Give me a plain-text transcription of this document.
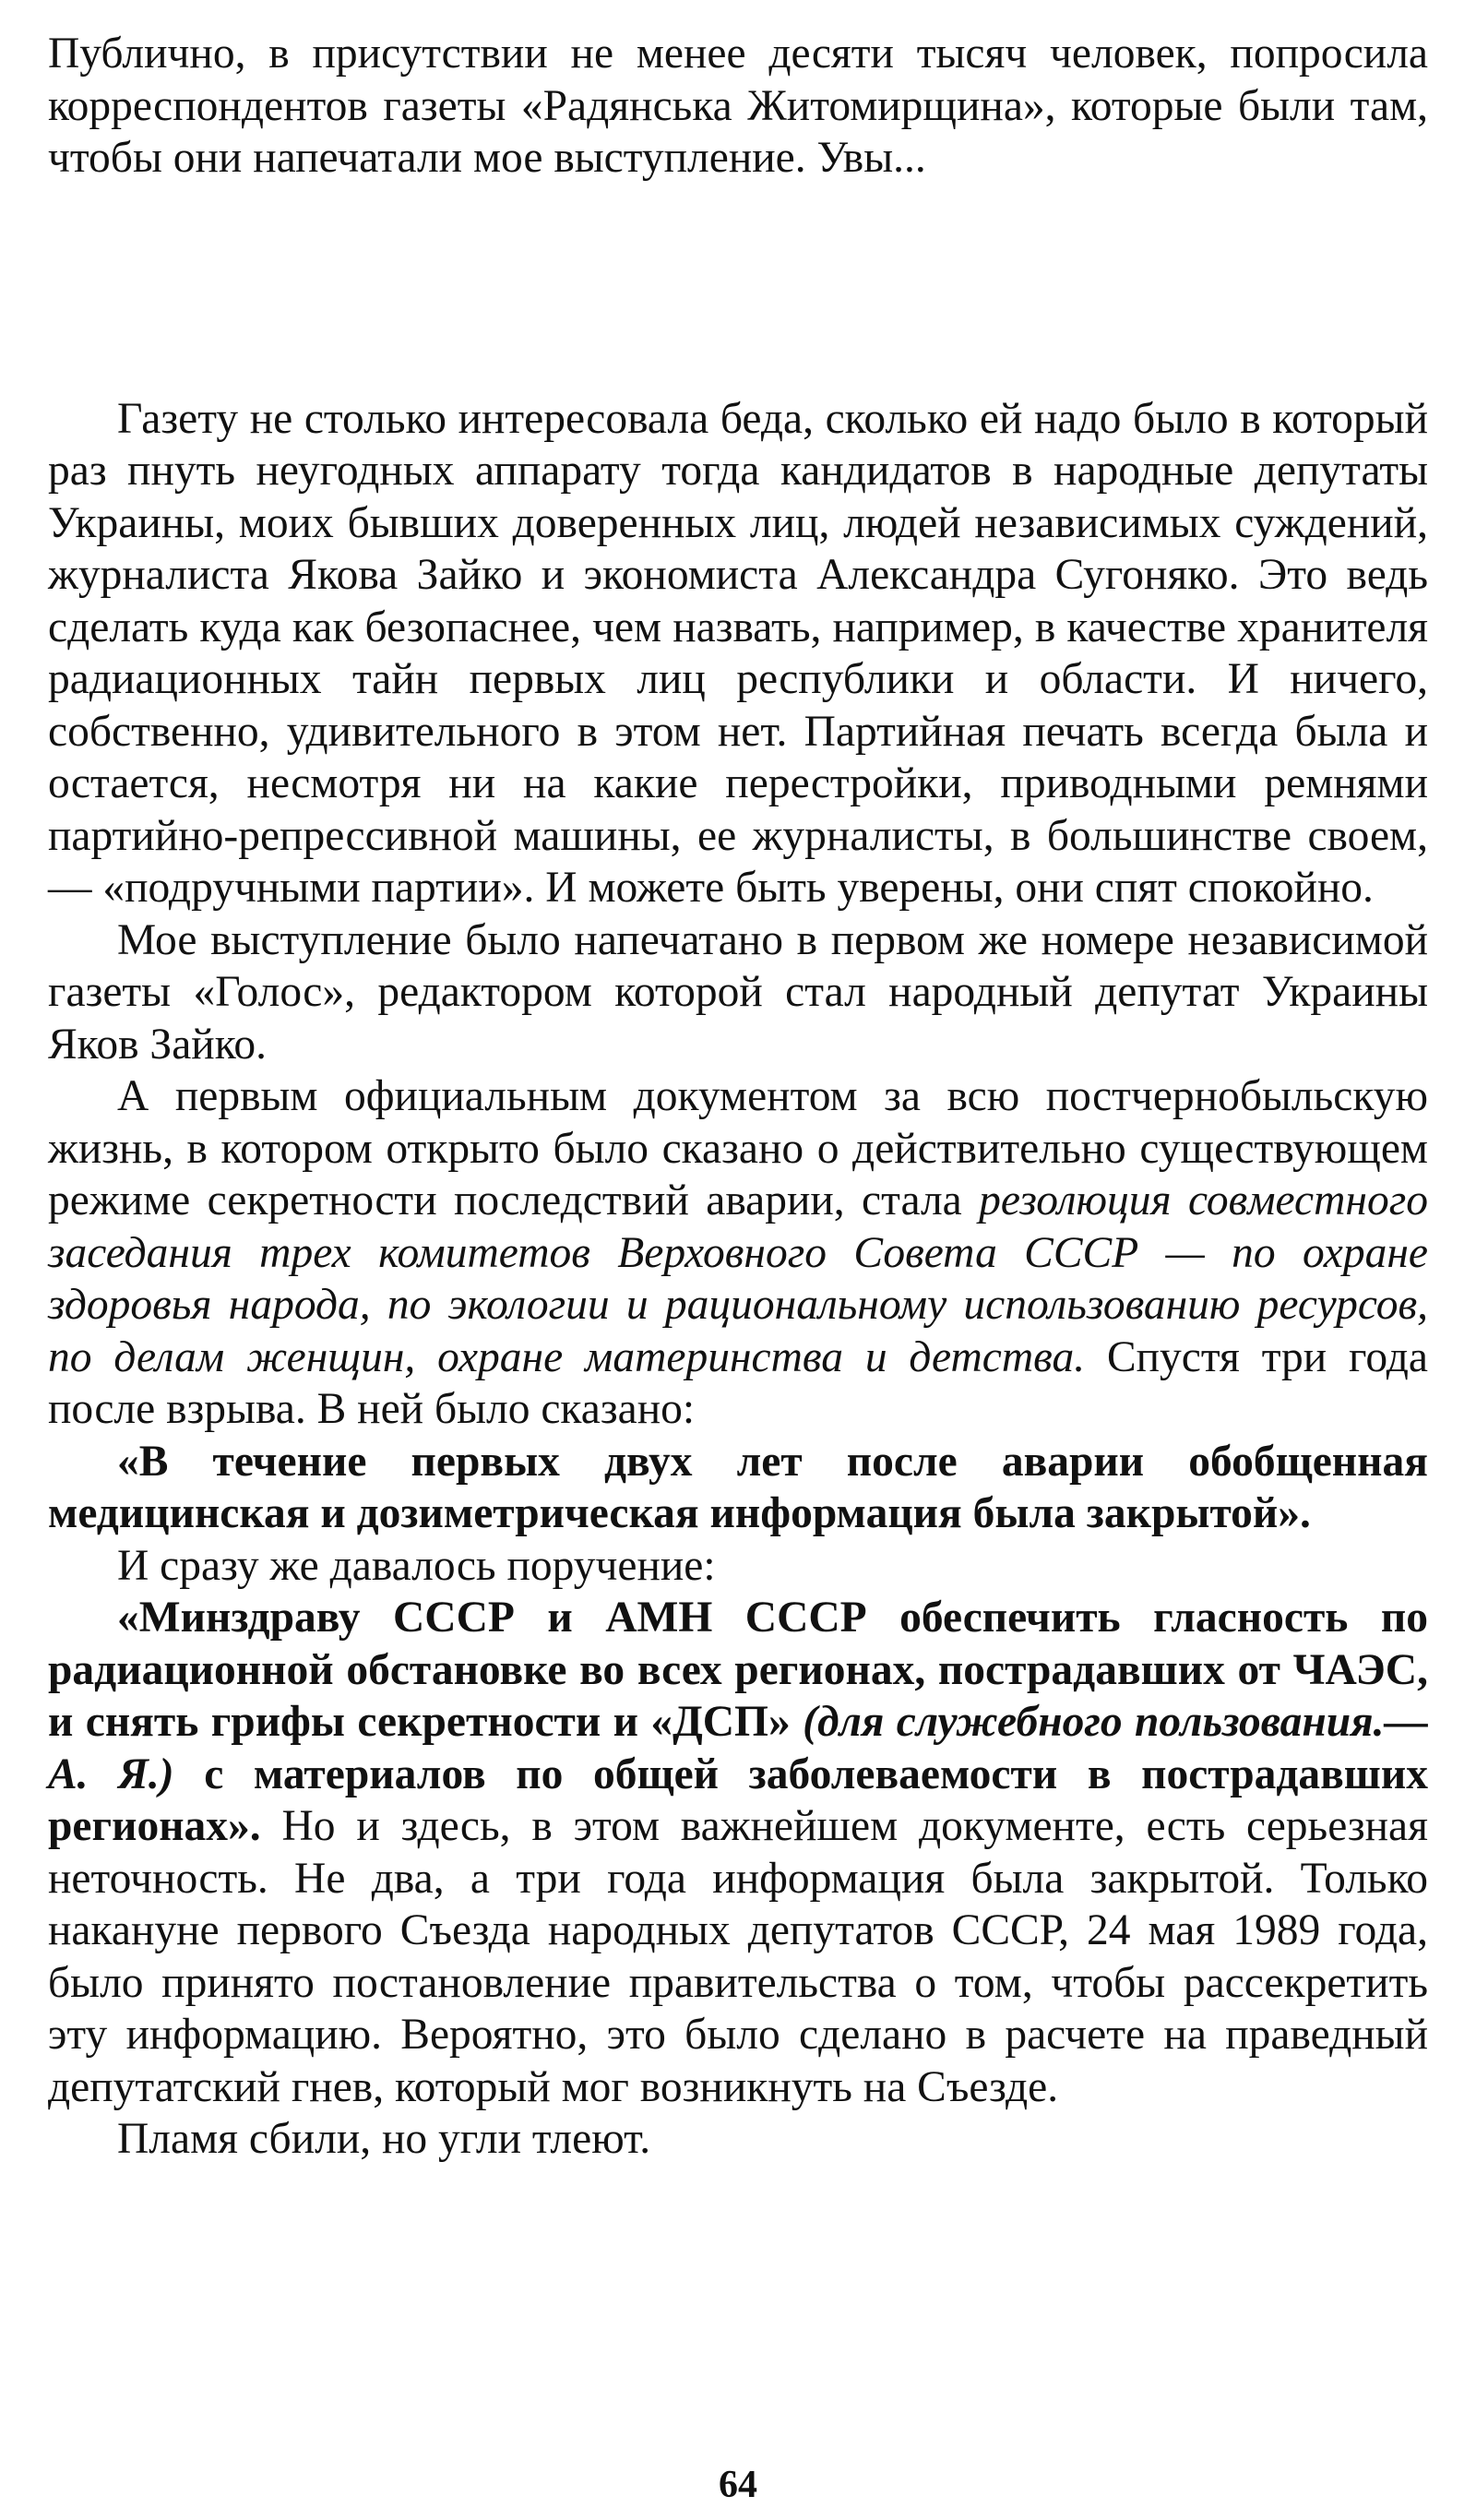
Публично, в присутствии не менее десяти тысяч человек, попросила корреспондентов газеты «Радянська Житомирщина», которые были там, чтобы они напечатали мое выступление. Увы...

Газету не столько интересовала беда, сколько ей надо было в который раз пнуть неугодных аппарату тогда кандидатов в народные депутаты Украины, моих бывших доверенных лиц, людей независимых суждений, журналиста Якова Зайко и экономиста Александра Сугоняко. Это ведь сделать куда как безопаснее, чем назвать, например, в качестве хранителя радиационных тайн первых лиц республики и области. И ничего, собственно, удивительного в этом нет. Партийная печать всегда была и остается, несмотря ни на какие перестройки, приводными ремнями партийно-репрессивной машины, ее журналисты, в большинстве своем,— «подручными партии». И можете быть уверены, они спят спокойно.

Мое выступление было напечатано в первом же номере независимой газеты «Голос», редактором которой стал народный депутат Украины Яков Зайко.

А первым официальным документом за всю постчернобыльскую жизнь, в котором открыто было сказано о действительно существующем режиме секретности последствий аварии, стала резолюция совместного заседания трех комитетов Верховного Совета СССР — по охране здоровья народа, по экологии и рациональному использованию ресурсов, по делам женщин, охране материнства и детства. Спустя три года после взрыва. В ней было сказано:

«В течение первых двух лет после аварии обобщенная медицинская и дозиметрическая информация была закрытой».

И сразу же давалось поручение:

«Минздраву СССР и АМН СССР обеспечить гласность по радиационной обстановке во всех регионах, пострадавших от ЧАЭС, и снять грифы секретности и «ДСП» (для служебного пользования.— А. Я.) с материалов по общей заболеваемости в пострадавших регионах». Но и здесь, в этом важнейшем документе, есть серьезная неточность. Не два, а три года информация была закрытой. Только накануне первого Съезда народных депутатов СССР, 24 мая 1989 года, было принято постановление правительства о том, чтобы рассекретить эту информацию. Вероятно, это было сделано в расчете на праведный депутатский гнев, который мог возникнуть на Съезде.

Пламя сбили, но угли тлеют.

64
